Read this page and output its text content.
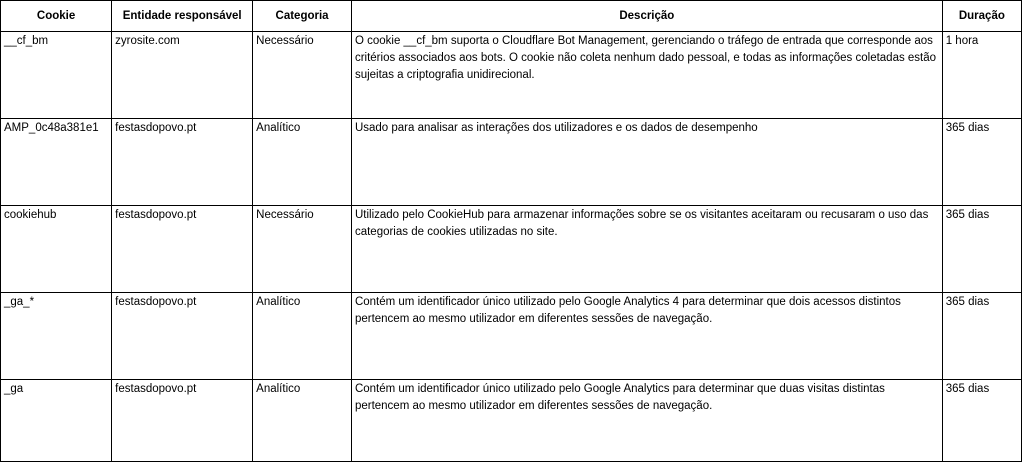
Cookie	Entidade responsável	Categoria	Descrição	Duração
__cf_bm	zyrosite.com	Necessário	O cookie __cf_bm suporta o Cloudflare Bot Management, gerenciando o tráfego de entrada que corresponde aos critérios associados aos bots. O cookie não coleta nenhum dado pessoal, e todas as informações coletadas estão sujeitas a criptografia unidirecional.	1 hora
AMP_0c48a381e1	festasdopovo.pt	Analítico	Usado para analisar as interações dos utilizadores e os dados de desempenho	365 dias
cookiehub	festasdopovo.pt	Necessário	Utilizado pelo CookieHub para armazenar informações sobre se os visitantes aceitaram ou recusaram o uso das categorias de cookies utilizadas no site.	365 dias
_ga_*	festasdopovo.pt	Analítico	Contém um identificador único utilizado pelo Google Analytics 4 para determinar que dois acessos distintos pertencem ao mesmo utilizador em diferentes sessões de navegação.	365 dias
_ga	festasdopovo.pt	Analítico	Contém um identificador único utilizado pelo Google Analytics para determinar que duas visitas distintas pertencem ao mesmo utilizador em diferentes sessões de navegação.	365 dias
